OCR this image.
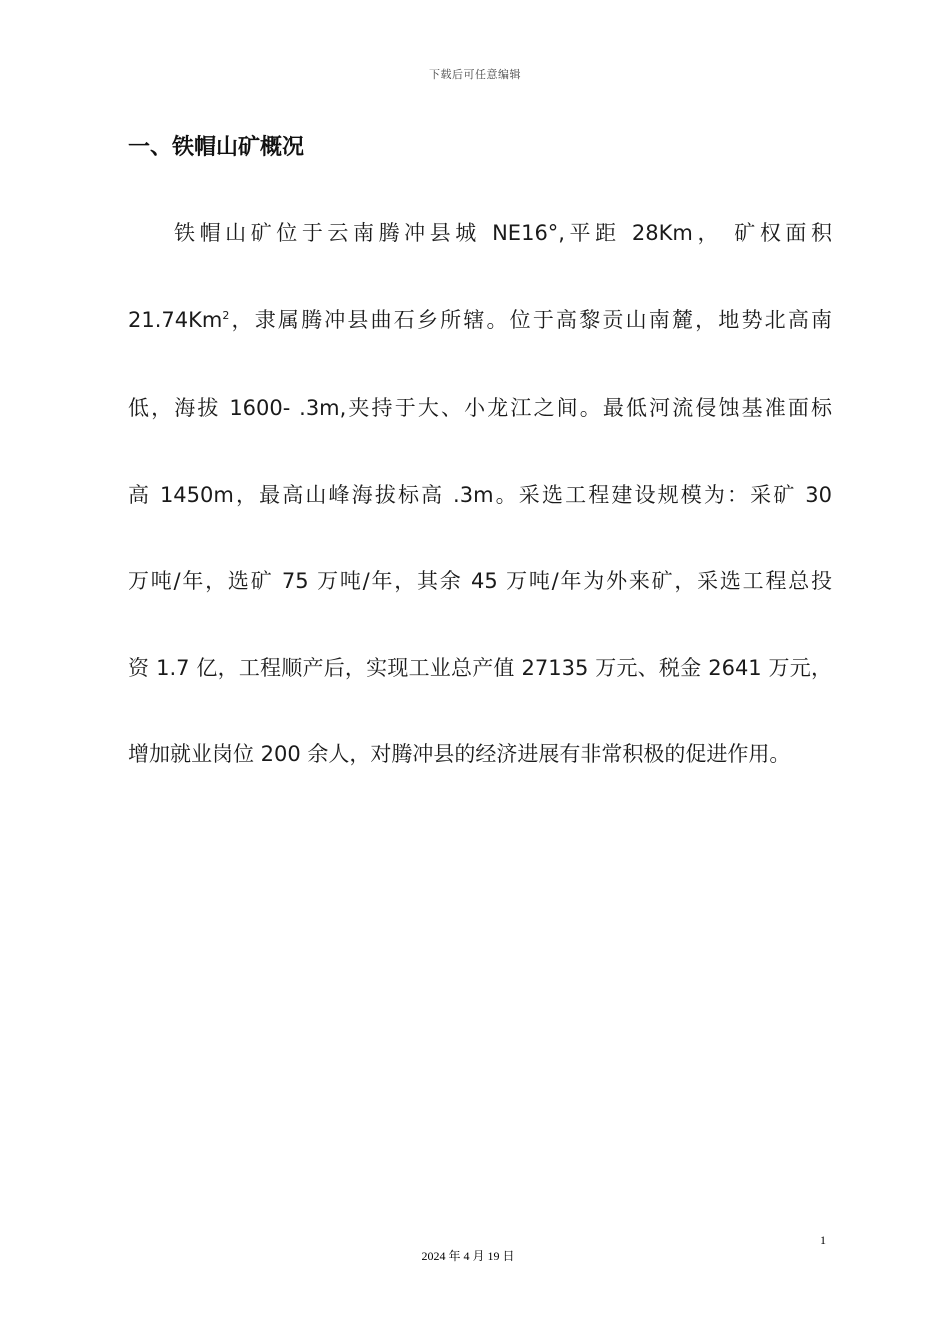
下载后可任意编辑
一、铁帽山矿概况
铁帽山矿位于云南腾冲县城 NE16°,平距 28Km， 矿权面积
21.74Km$^2$，隶属腾冲县曲石乡所辖。位于高黎贡山南麓，地势北高南
低，海拔 1600- .3m,夹持于大、小龙江之间。最低河流侵蚀基准面标
高 1450m，最高山峰海拔标高 .3m。采选工程建设规模为：采矿 30
万吨/年，选矿 75 万吨/年，其余 45 万吨/年为外来矿，采选工程总投
资 1.7 亿，工程顺产后，实现工业总产值 27135 万元、税金 2641 万元，
增加就业岗位 200 余人，对腾冲县的经济进展有非常积极的促进作用。
1
2024 年 4 月 19 日
